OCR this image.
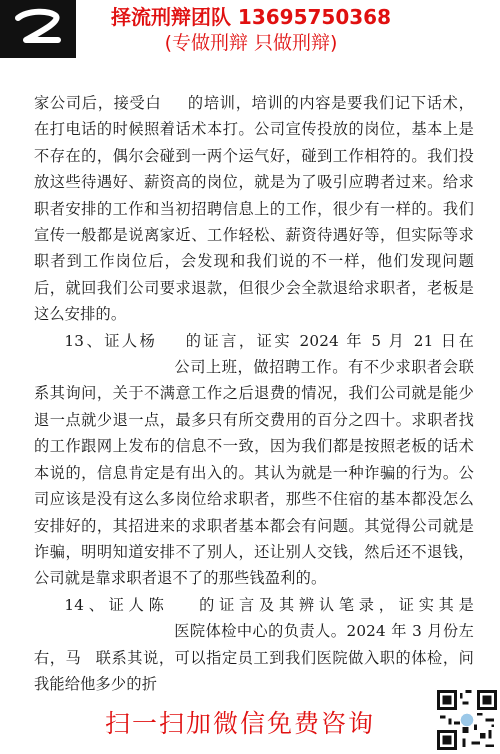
择流刑辩团队 13695750368
(专做刑辩 只做刑辩)

家公司后，接受白 的培训，培训的内容是要我们记下话术，在打电话的时候照着话术本打。公司宣传投放的岗位，基本上是不存在的，偶尔会碰到一两个运气好，碰到工作相符的。我们投放这些待遇好、薪资高的岗位，就是为了吸引应聘者过来。给求职者安排的工作和当初招聘信息上的工作，很少有一样的。我们宣传一般都是说离家近、工作轻松、薪资待遇好等，但实际等求职者到工作岗位后，会发现和我们说的不一样，他们发现问题后，就回我们公司要求退款，但很少会全款退给求职者，老板是这么安排的。

13、证人杨 的证言，证实 2024 年 5 月 21 日在公司上班，做招聘工作。有不少求职者会联系其询问，关于不满意工作之后退费的情况，我们公司就是能少退一点就少退一点，最多只有所交费用的百分之四十。求职者找的工作跟网上发布的信息不一致，因为我们都是按照老板的话术本说的，信息肯定是有出入的。其认为就是一种诈骗的行为。公司应该是没有这么多岗位给求职者，那些不住宿的基本都没怎么安排好的，其招进来的求职者基本都会有问题。其觉得公司就是诈骗，明明知道安排不了别人，还让别人交钱，然后还不退钱，公司就是靠求职者退不了的那些钱盈利的。

14、证人陈 的证言及其辨认笔录，证实其是医院体检中心的负责人。2024 年 3 月份左右，马 联系其说，可以指定员工到我们医院做入职的体检，问我能给他多少的折

扫一扫加微信免费咨询
